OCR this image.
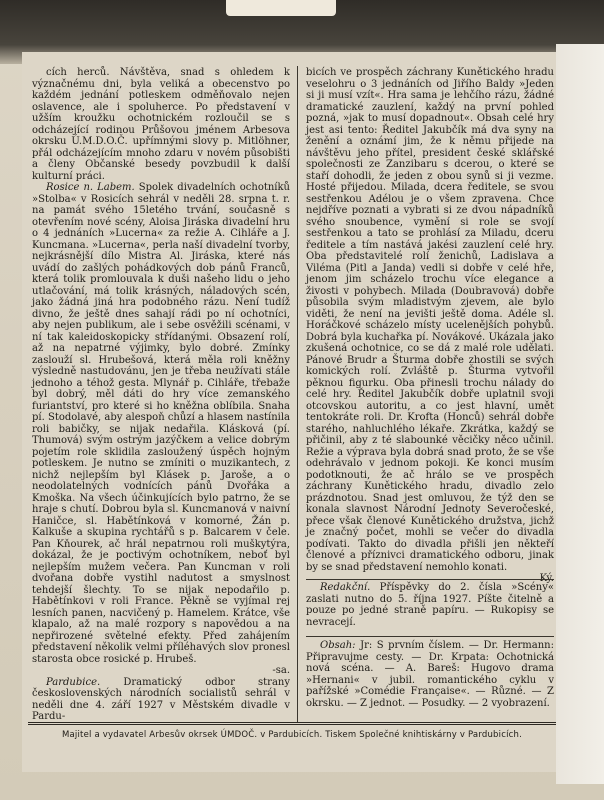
cích herců. Návštěva, snad s ohledem k význačnému dni, byla veliká a obecenstvo po každém jednání potleskem odměňovalo nejen oslavence, ale i spoluherce. Po představení v užším kroužku ochotnickém rozloučil se s odcházející rodinou Průšovou jménem Arbesova okrsku Ú.M.D.O.Č. upřímnými slovy p. Mitlöhner, přál odcházejícím mnoho zdaru v novém působišti a členy Občanské besedy povzbudil k další kulturní práci.

Rosice n. Labem. Spolek divadelních ochotníků »Stolba« v Rosicích sehrál v neděli 28. srpna t. r. na památ svého 15letého trvání, současně s otevřením nové scény, Aloisa Jiráska divadelní hru o 4 jednáních »Lucerna« za režie A. Cihláře a J. Kuncmana. »Lucerna«, perla naší divadelní tvorby, nejkrásnější dílo Mistra Al. Jiráska, které nás uvádí do zašlých pohádkových dob pánů Franců, která tolik promlouvala k duši našeho lidu o jeho utlačování, má tolik krásných, náladových scén, jako žádná jiná hra podobného rázu. Není tudíž divno, že ještě dnes sahají rádi po ní ochotníci, aby nejen publikum, ale i sebe osvěžili scénami, v ní tak kaleidoskopicky střídanými. Obsazení rolí, až na nepatrné výjimky, bylo dobré. Zmínky zaslouží sl. Hrubešová, která měla roli kněžny výsledně nastudovánu, jen je třeba neužívati stále jednoho a téhož gesta. Mlynář p. Cihláře, třebaže byl dobrý, měl dáti do hry více zemanského furiantství, pro které si ho kněžna oblíbila. Snaha pí. Stodolavé, aby alespoň chůzí a hlasem nastínila roli babičky, se nijak nedařila. Klásková (pí. Thumová) svým ostrým jazýčkem a velice dobrým pojetím role sklidila zasloužený úspěch hojným potleskem. Je nutno se zmíniti o muzikantech, z nichž nejlepším byl Klásek p. Jaroše, a o neodolatelných vodnících pánů Dvořáka a Kmoška. Na všech účinkujících bylo patrno, že se hraje s chutí. Dobrou byla sl. Kuncmanová v naivní Haničce, sl. Habětínková v komorné, Žán p. Kalkuše a skupina rychtářů s p. Balcarem v čele. Pan Kňourek, ač hrál nepatrnou roli muškytýra, dokázal, že je poctivým ochotníkem, neboť byl nejlepším mužem večera. Pan Kuncman v roli dvořana dobře vystihl nadutost a smyslnost tehdejší šlechty. To se nijak nepodařilo p. Habětínkovi v roli Francе. Pěkně se vyjímal rej lesních panen, nacvičený p. Hamelem. Krátce, vše klapalo, až na malé rozpory s napovědou a na nepřirozené světelné efekty. Před zahájením představení několik velmi příléhavých slov pronesl starosta obce rosické p. Hrubeš.
-sa.

Pardubice. Dramatický odbor strany československých národních socialistů sehrál v neděli dne 4. září 1927 v Městském divadle v Pardu-

bicích ve prospěch záchrany Kunětického hradu veselohru o 3 jednáních od Jiřího Baldy »Jeden si ji musí vzít«. Hra sama je lehčího rázu, žádné dramatické zauzlení, každý na první pohled pozná, »jak to musí dopadnout«. Obsah celé hry jest asi tento: Ředitel Jakubčík má dva syny na ženění a oznámí jim, že k němu přijede na návštěvu jeho přítel, president české sklářské společnosti ze Zanzibaru s dcerou, o které se staří dohodli, že jeden z obou synů si ji vezme. Hosté přijedou. Milada, dcera ředitele, se svou sestřenkou Adélou je o všem zpravena. Chce nejdříve poznati a vybrati si ze dvou nápadníků svého snoubence, vymění si role se svojí sestřenkou a tato se prohlásí za Miladu, dceru ředitele a tím nastává jakési zauzlení celé hry. Oba představitelé rolí ženichů, Ladislava a Viléma (Pitl a Janda) vedli si dobře v celé hře, jenom jim scházelo trochu více elegance a živosti v pohybech. Milada (Doubravová) dobře působila svým mladistvým zjevem, ale bylo viděti, že není na jevišti ještě doma. Adéle sl. Horáčkové scházelo místy ucelenějších pohybů. Dobrá byla kuchařka pí. Novákové. Ukázala jako zkušená ochotnice, co se dá z malé role udělati. Pánové Brudr a Šturma dobře zhostili se svých komických rolí. Zvláště p. Šturma vytvořil pěknou figurku. Oba přinesli trochu nálady do celé hry. Ředitel Jakubčík dobře uplatnil svoji otcovskou autoritu, a co jest hlavní, umět tentokráte roli. Dr. Krofta (Honců) sehrál dobře starého, nahluchlého lékaře. Zkrátka, každý se přičinil, aby z té slabounké věcičky něco učinil. Režie a výprava byla dobrá snad proto, že se vše odehrávalo v jednom pokoji. Ke konci musím podotknouti, že ač hrálo se ve prospěch záchrany Kunětického hradu, divadlo zelo prázdnotou. Snad jest omluvou, že týž den se konala slavnost Národní Jednoty Severočeské, přece však členové Kunětického družstva, jichž je značný počet, mohli se večer do divadla podívati. Takto do divadla přišli jen někteří členové a příznivci dramatického odboru, jinak by se snad představení nemohlo konati.

Redakční. Příspěvky do 2. čísla »Scény« zaslati nutno do 5. října 1927. Píšte čitelně a pouze po jedné straně papíru. — Rukopisy se nevracejí.

Obsah: Jr: S prvním číslem. — Dr. Hermann: Připravujme cesty. — Dr. Krpata: Ochotnická nová scéna. — A. Bareš: Hugovo drama »Hernani« v jubil. romantického cyklu v pařížské »Comédie Française«. — Různé. — Z okrsku. — Z jednot. — Posudky. — 2 vyobrazení.

Majitel a vydavatel Arbesův okrsek ÚMDOČ. v Pardubicích. Tiskem Společné knihtiskárny v Pardubicích.
